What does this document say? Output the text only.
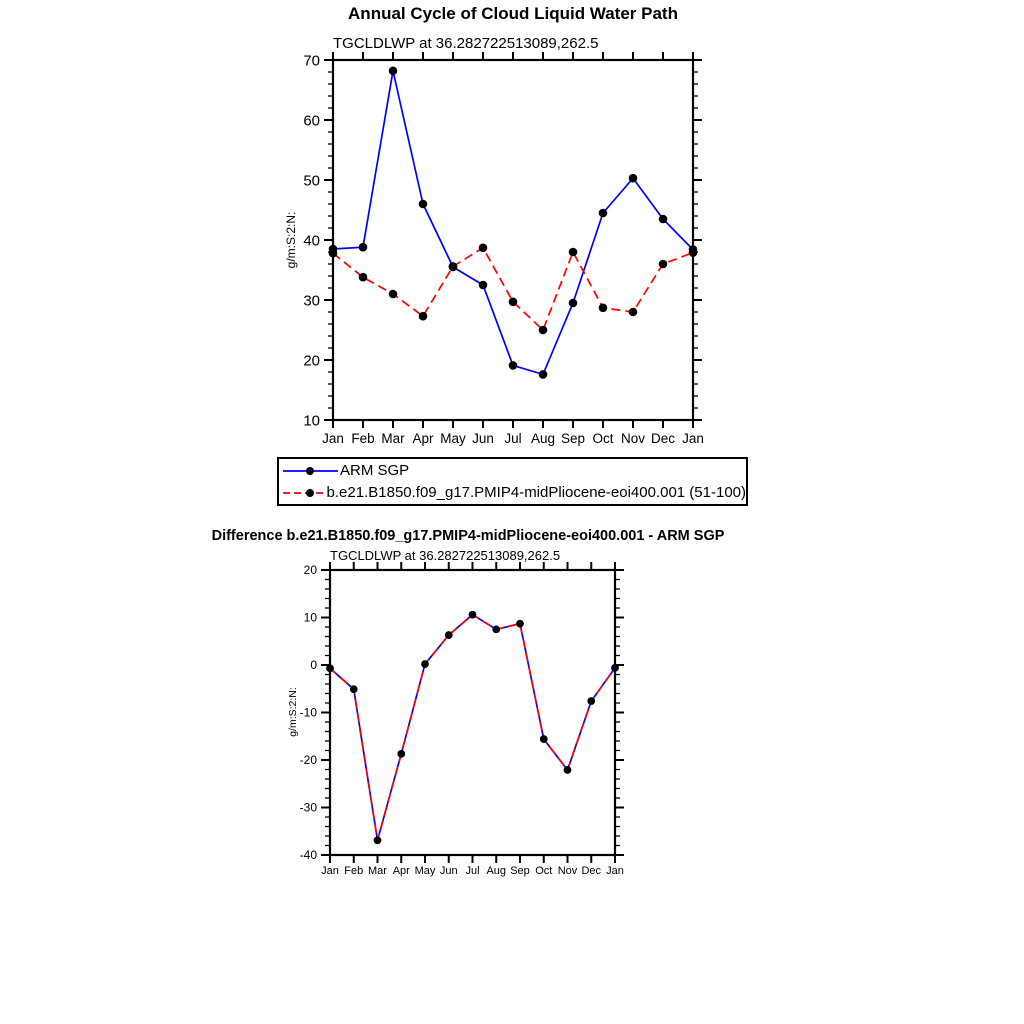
Annual Cycle of Cloud Liquid Water Path
TGCLDLWP at 36.282722513089,262.5
g/m:S:2:N:
Difference b.e21.B1850.f09_g17.PMIP4-midPliocene-eoi400.001 - ARM SGP
TGCLDLWP at 36.282722513089,262.5
g/m:S:2:N:
10
20
30
40
50
60
70
Jan Feb Mar Apr May Jun Jul Aug Sep Oct Nov Dec Jan
-40
-30
-20
-10
0
10
20
Jan Feb Mar Apr May Jun Jul Aug Sep Oct Nov Dec Jan
ARM SGP
b.e21.B1850.f09_g17.PMIP4-midPliocene-eoi400.001 (51-100)
